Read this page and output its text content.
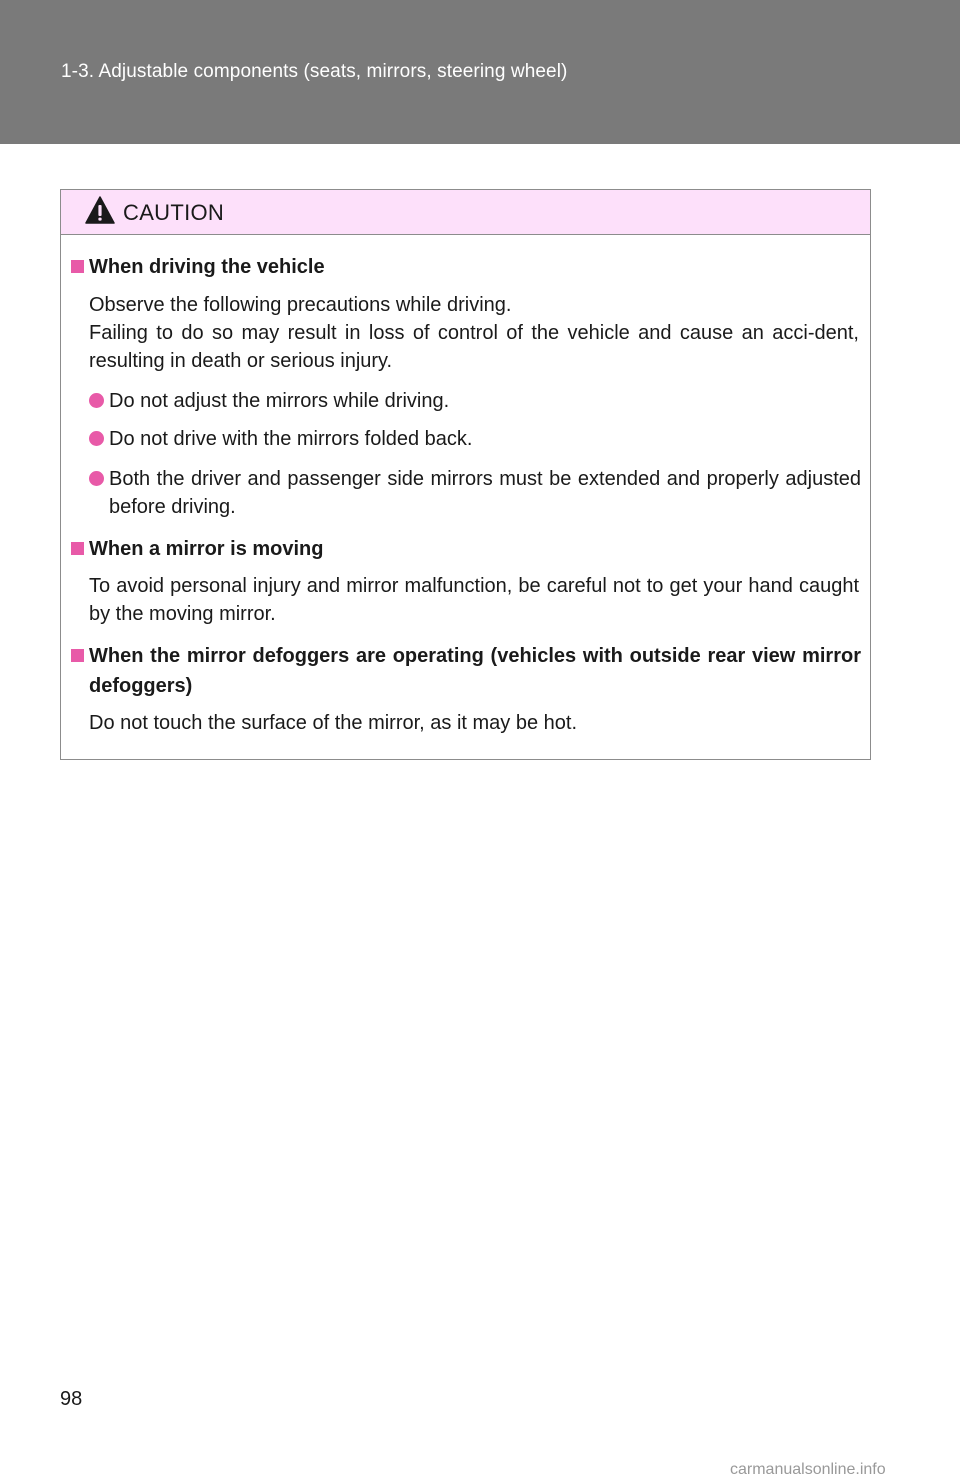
1-3. Adjustable components (seats, mirrors, steering wheel)
CAUTION
When driving the vehicle
Observe the following precautions while driving.
Failing to do so may result in loss of control of the vehicle and cause an acci-dent, resulting in death or serious injury.
Do not adjust the mirrors while driving.
Do not drive with the mirrors folded back.
Both the driver and passenger side mirrors must be extended and properly adjusted before driving.
When a mirror is moving
To avoid personal injury and mirror malfunction, be careful not to get your hand caught by the moving mirror.
When the mirror defoggers are operating (vehicles with outside rear view mirror defoggers)
Do not touch the surface of the mirror, as it may be hot.
98
carmanualsonline.info
